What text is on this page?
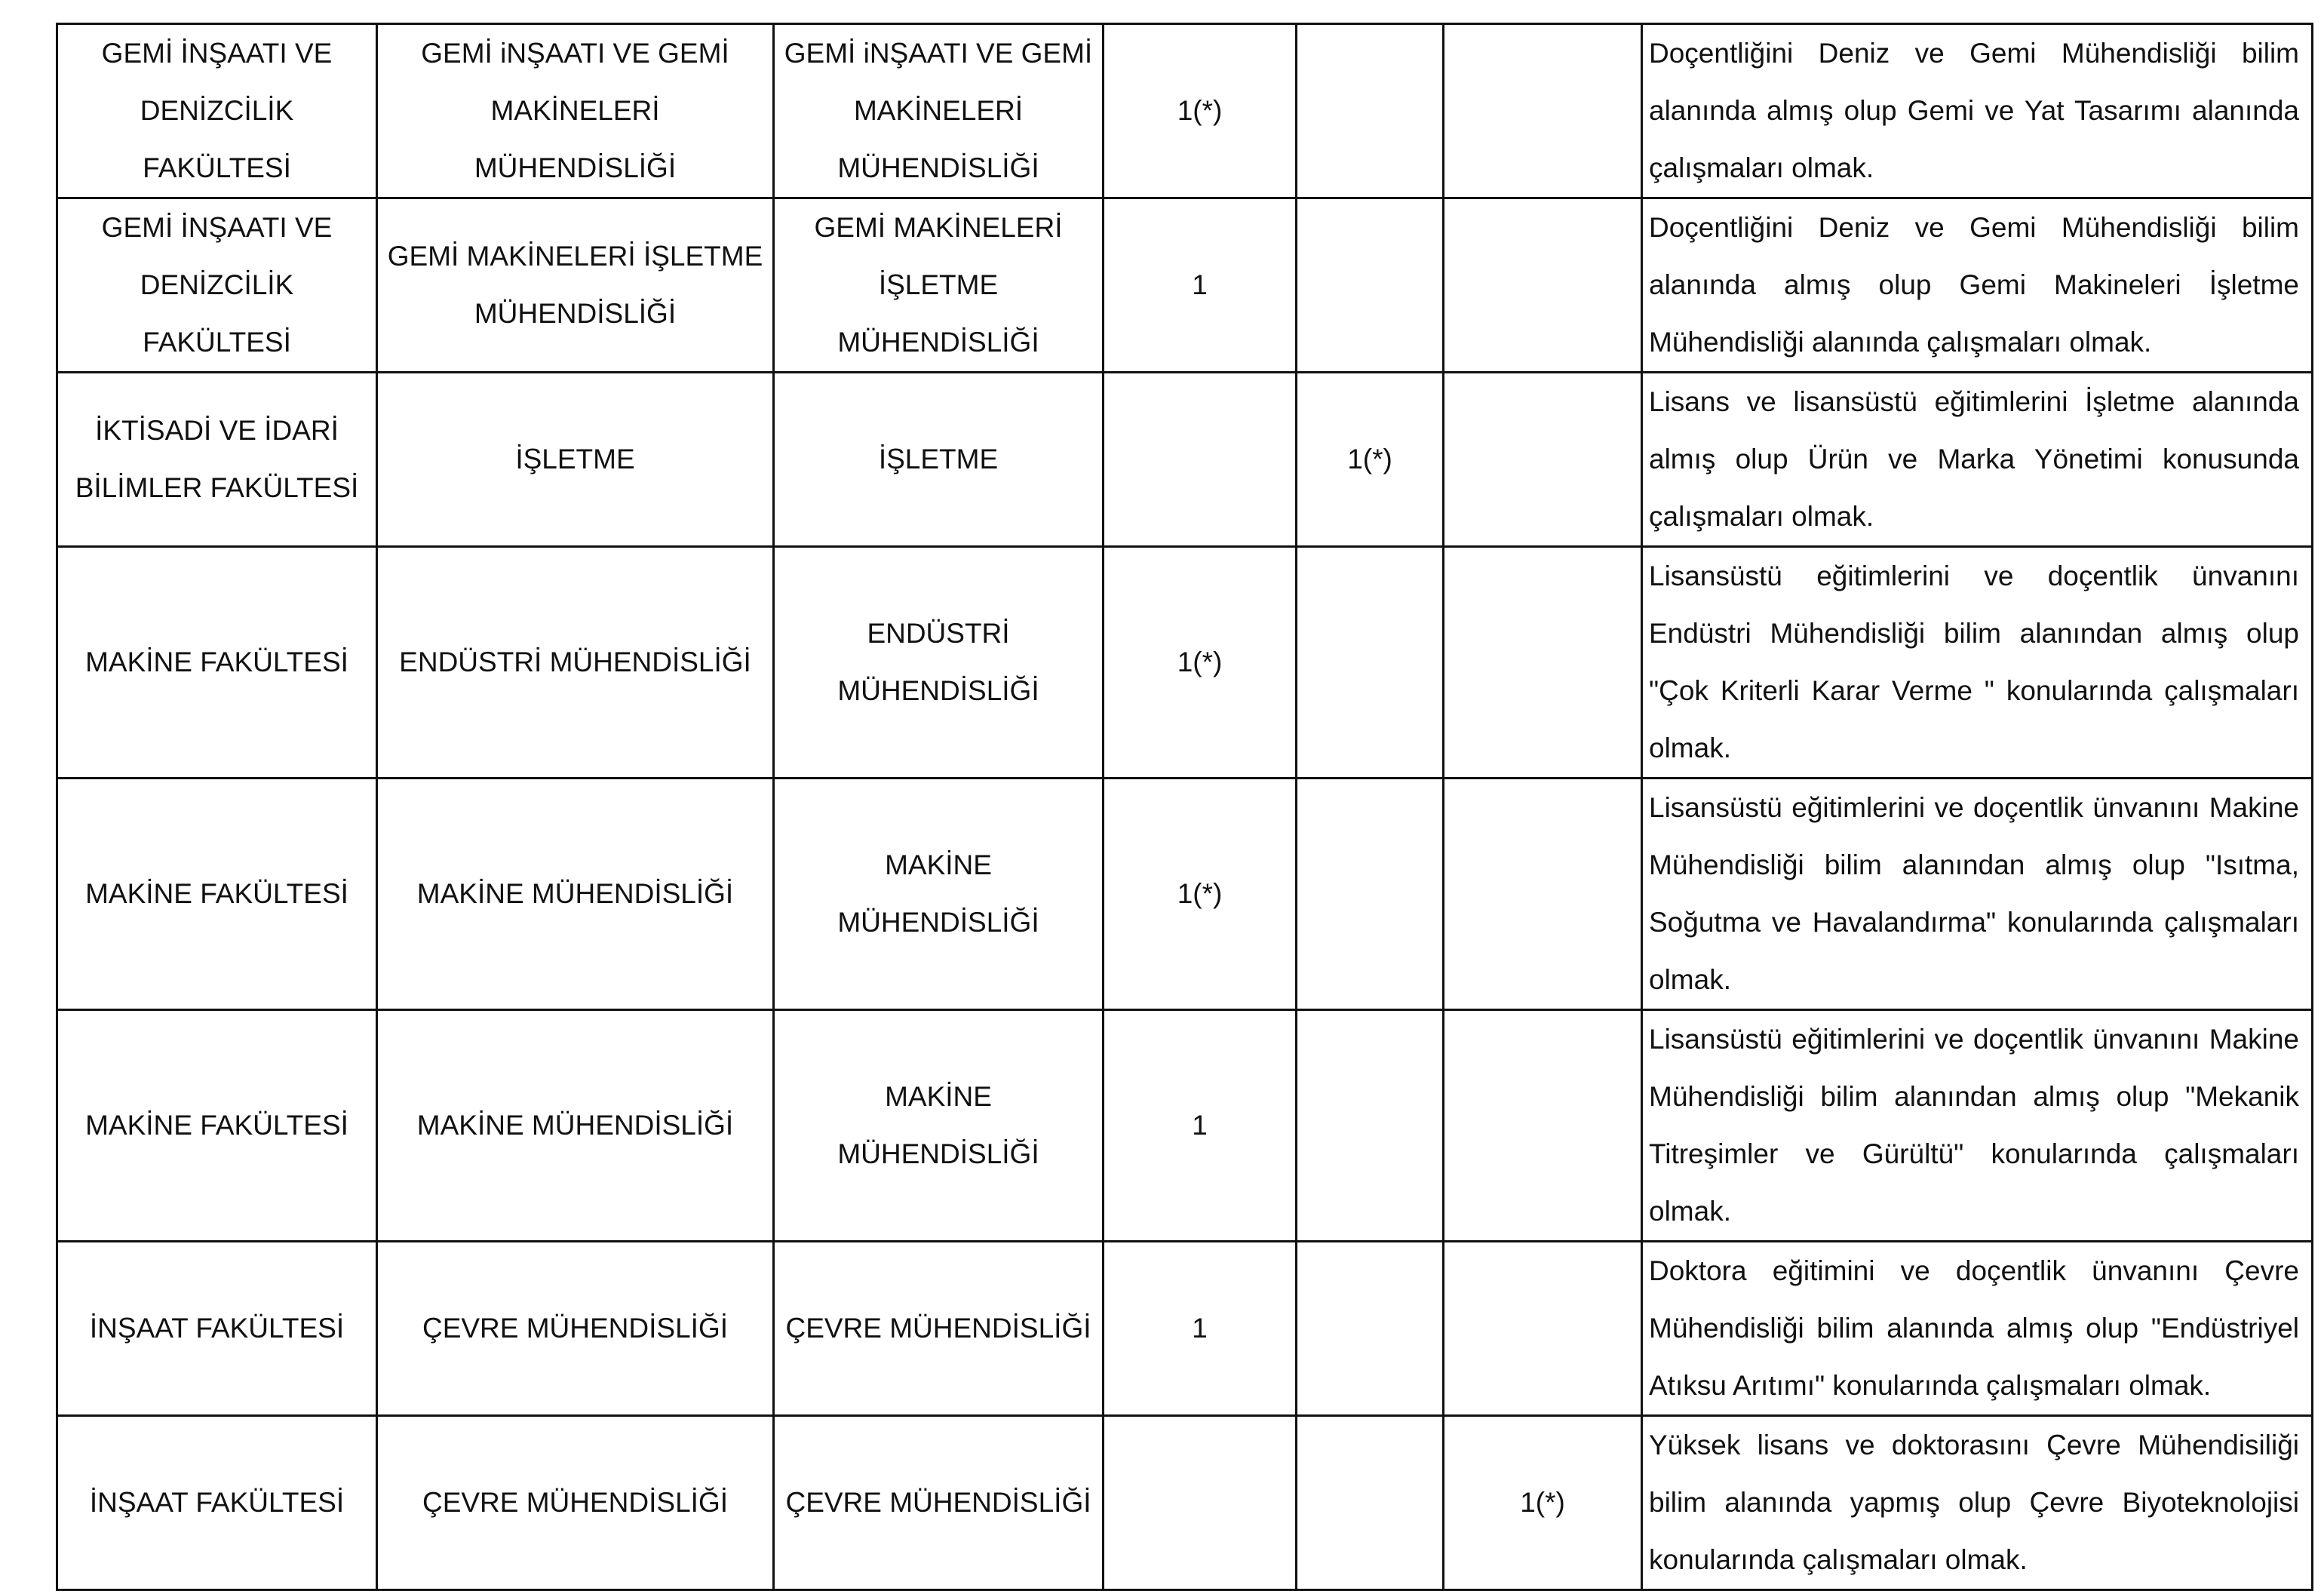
GEMİ İNŞAATI VE DENİZCİLİK FAKÜLTESİ	GEMİ iNŞAATI VE GEMİ MAKİNELERİ MÜHENDİSLİĞİ	GEMİ iNŞAATI VE GEMİ MAKİNELERİ MÜHENDİSLİĞİ	1(*)			Doçentliğini Deniz ve Gemi Mühendisliği bilim alanında almış olup Gemi ve Yat Tasarımı alanında çalışmaları olmak.

GEMİ İNŞAATI VE DENİZCİLİK FAKÜLTESİ	GEMİ MAKİNELERİ İŞLETME MÜHENDİSLİĞİ	GEMİ MAKİNELERİ İŞLETME MÜHENDİSLİĞİ	1			Doçentliğini Deniz ve Gemi Mühendisliği bilim alanında almış olup Gemi Makineleri İşletme Mühendisliği alanında çalışmaları olmak.

İKTİSADİ VE İDARİ BİLİMLER FAKÜLTESİ	İŞLETME	İŞLETME		1(*)		Lisans ve lisansüstü eğitimlerini İşletme alanında almış olup Ürün ve Marka Yönetimi konusunda çalışmaları olmak.

MAKİNE FAKÜLTESİ	ENDÜSTRİ MÜHENDİSLİĞİ	ENDÜSTRİ MÜHENDİSLİĞİ	1(*)			Lisansüstü eğitimlerini ve doçentlik ünvanını Endüstri Mühendisliği bilim alanından almış olup "Çok Kriterli Karar Verme " konularında çalışmaları olmak.

MAKİNE FAKÜLTESİ	MAKİNE MÜHENDİSLİĞİ	MAKİNE MÜHENDİSLİĞİ	1(*)			Lisansüstü eğitimlerini ve doçentlik ünvanını Makine Mühendisliği bilim alanından almış olup "Isıtma, Soğutma ve Havalandırma" konularında çalışmaları olmak.

MAKİNE FAKÜLTESİ	MAKİNE MÜHENDİSLİĞİ	MAKİNE MÜHENDİSLİĞİ	1			Lisansüstü eğitimlerini ve doçentlik ünvanını Makine Mühendisliği bilim alanından almış olup "Mekanik Titreşimler ve Gürültü" konularında çalışmaları olmak.

İNŞAAT FAKÜLTESİ	ÇEVRE MÜHENDİSLİĞİ	ÇEVRE MÜHENDİSLİĞİ	1			Doktora eğitimini ve doçentlik ünvanını Çevre Mühendisliği bilim alanında almış olup "Endüstriyel Atıksu Arıtımı" konularında çalışmaları olmak.

İNŞAAT FAKÜLTESİ	ÇEVRE MÜHENDİSLİĞİ	ÇEVRE MÜHENDİSLİĞİ			1(*)	Yüksek lisans ve doktorasını Çevre Mühendisiliği bilim alanında yapmış olup Çevre Biyoteknolojisi konularında çalışmaları olmak.
